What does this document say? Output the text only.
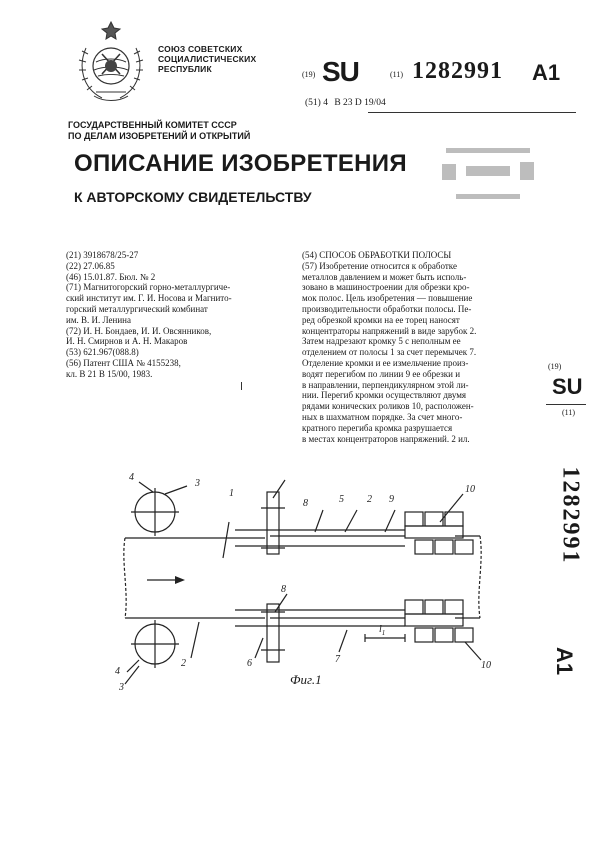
СОЮЗ СОВЕТСКИХ
СОЦИАЛИСТИЧЕСКИХ
РЕСПУБЛИК
(19) SU	(11) 1282991 A1
(51) 4 B 23 D 19/04
ГОСУДАРСТВЕННЫЙ КОМИТЕТ СССР
ПО ДЕЛАМ ИЗОБРЕТЕНИЙ И ОТКРЫТИЙ
ОПИСАНИЕ ИЗОБРЕТЕНИЯ
К АВТОРСКОМУ СВИДЕТЕЛЬСТВУ
(21) 3918678/25-27
(22) 27.06.85
(46) 15.01.87. Бюл. № 2
(71) Магнитогорский горно-металлургиче-
ский институт им. Г. И. Носова и Магнито-
горский металлургический комбинат
им. В. И. Ленина
(72) И. Н. Бондаев, И. И. Овсянников,
И. Н. Смирнов и А. Н. Макаров
(53) 621.967(088.8)
(56) Патент США № 4155238,
кл. В 21 В 15/00, 1983.
(54) СПОСОБ ОБРАБОТКИ ПОЛОСЫ
(57) Изобретение относится к обработке
металлов давлением и может быть исполь-
зовано в машиностроении для обрезки кро-
мок полос. Цель изобретения — повышение
производительности обработки полосы. Пе-
ред обрезкой кромки на ее торец наносят
концентраторы напряжений в виде зарубок 2.
Затем надрезают кромку 5 с неполным ее
отделением от полосы 1 за счет перемычек 7.
Отделение кромки и ее измельчение произ-
водят перегибом по линии 9 ее обрезки и
в направлении, перпендикулярном этой ли-
нии. Перегиб кромки осуществляют двумя
рядами конических роликов 10, расположен-
ных в шахматном порядке. За счет много-
кратного перегиба кромка разрушается
в местах концентраторов напряжений. 2 ил.
(19)
SU
(11)
1282991
A1
1
2
3
4
5
6	7
8	9
10
2
3
4
8
10
$l_1$
Фиг.1
